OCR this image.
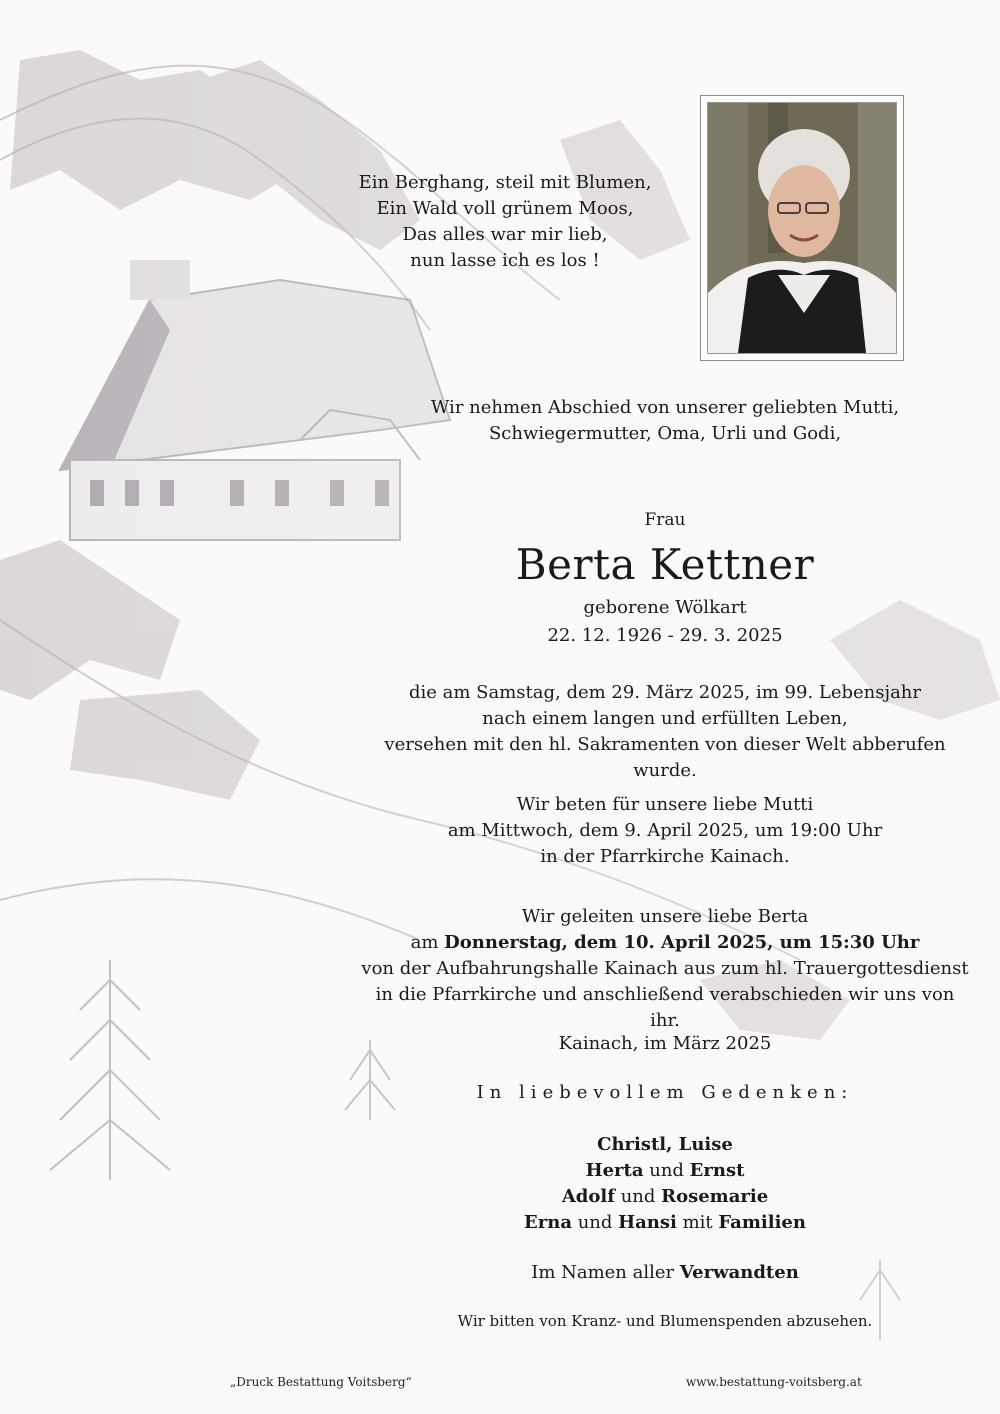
Ein Berghang, steil mit Blumen,
Ein Wald voll grünem Moos,
Das alles war mir lieb,
nun lasse ich es los !
Wir nehmen Abschied von unserer geliebten Mutti,
Schwiegermutter, Oma, Urli und Godi,
Frau
Berta Kettner
geborene Wölkart
22. 12. 1926 - 29. 3. 2025
die am Samstag, dem 29. März 2025, im 99. Lebensjahr
nach einem langen und erfüllten Leben,
versehen mit den hl. Sakramenten von dieser Welt abberufen wurde.
Wir beten für unsere liebe Mutti
am Mittwoch, dem 9. April 2025, um 19:00 Uhr
in der Pfarrkirche Kainach.
Wir geleiten unsere liebe Berta
am Donnerstag, dem 10. April 2025, um 15:30 Uhr
von der Aufbahrungshalle Kainach aus zum hl. Trauergottesdienst
in die Pfarrkirche und anschließend verabschieden wir uns von ihr.
Kainach, im März 2025
In liebevollem Gedenken:
Christl, Luise
Herta und Ernst
Adolf und Rosemarie
Erna und Hansi mit Familien
Im Namen aller Verwandten
Wir bitten von Kranz- und Blumenspenden abzusehen.
„Druck Bestattung Voitsberg“	www.bestattung-voitsberg.at
